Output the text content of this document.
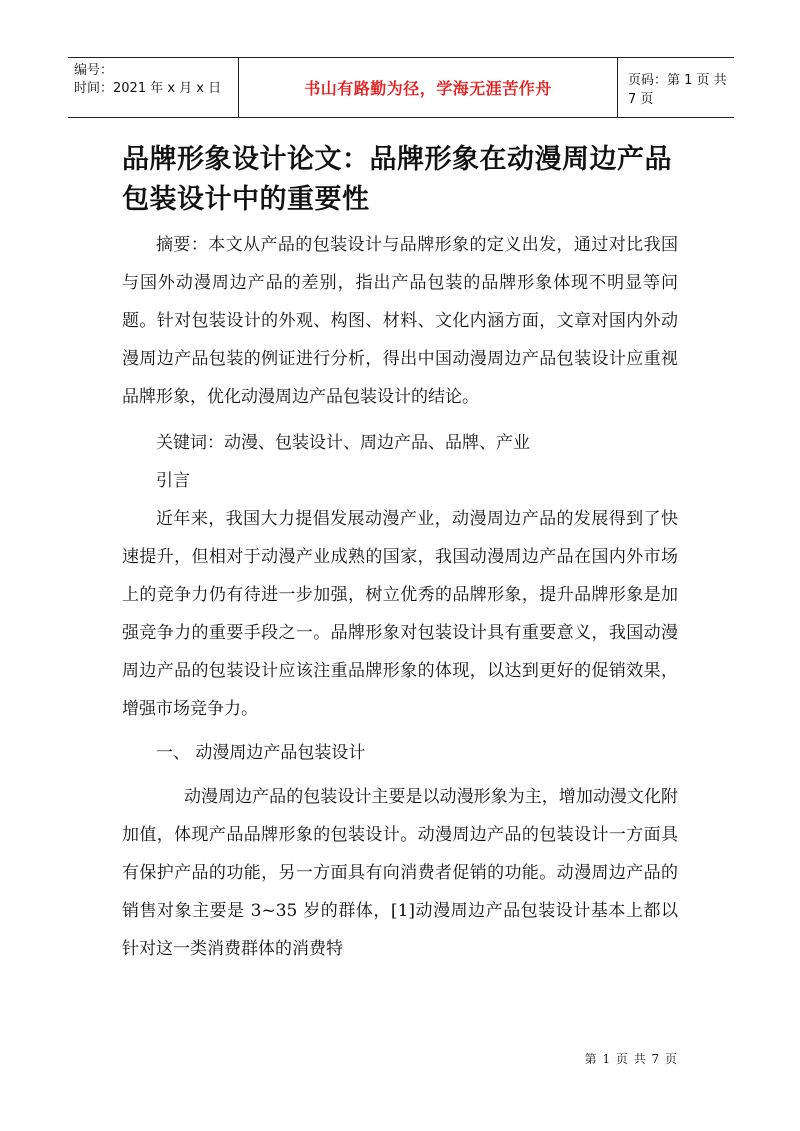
编号：
时间：2021 年 x 月 x 日	书山有路勤为径，学海无涯苦作舟	页码：第 1 页 共 7 页
品牌形象设计论文：品牌形象在动漫周边产品包装设计中的重要性

摘要：本文从产品的包装设计与品牌形象的定义出发，通过对比我国与国外动漫周边产品的差别，指出产品包装的品牌形象体现不明显等问题。针对包装设计的外观、构图、材料、文化内涵方面，文章对国内外动漫周边产品包装的例证进行分析，得出中国动漫周边产品包装设计应重视品牌形象，优化动漫周边产品包装设计的结论。

关键词：动漫、包装设计、周边产品、品牌、产业

引言

近年来，我国大力提倡发展动漫产业，动漫周边产品的发展得到了快速提升，但相对于动漫产业成熟的国家，我国动漫周边产品在国内外市场上的竞争力仍有待进一步加强，树立优秀的品牌形象，提升品牌形象是加强竞争力的重要手段之一。品牌形象对包装设计具有重要意义，我国动漫周边产品的包装设计应该注重品牌形象的体现，以达到更好的促销效果，增强市场竞争力。

一、 动漫周边产品包装设计

动漫周边产品的包装设计主要是以动漫形象为主，增加动漫文化附加值，体现产品品牌形象的包装设计。动漫周边产品的包装设计一方面具有保护产品的功能，另一方面具有向消费者促销的功能。动漫周边产品的销售对象主要是 3~35 岁的群体，[1]动漫周边产品包装设计基本上都以针对这一类消费群体的消费特

第 1 页 共 7 页
